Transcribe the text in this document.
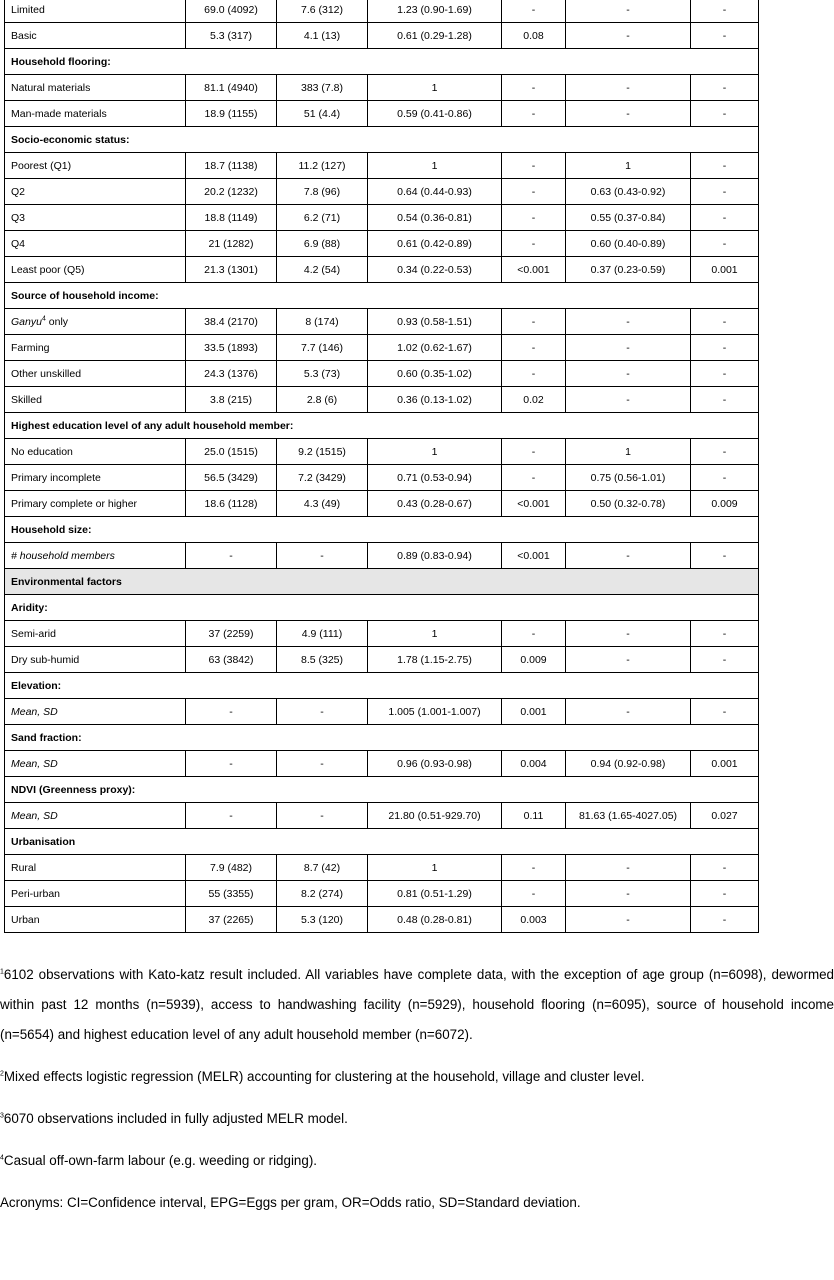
Limited	69.0 (4092)	7.6 (312)	1.23 (0.90-1.69)	-	-	-
Basic	5.3 (317)	4.1 (13)	0.61 (0.29-1.28)	0.08	-	-
Household flooring:						
Natural materials	81.1 (4940)	383 (7.8)	1	-	-	-
Man-made materials	18.9 (1155)	51 (4.4)	0.59 (0.41-0.86)	-	-	-
Socio-economic status:						
Poorest (Q1)	18.7 (1138)	11.2 (127)	1	-	1	-
Q2	20.2 (1232)	7.8 (96)	0.64 (0.44-0.93)	-	0.63 (0.43-0.92)	-
Q3	18.8 (1149)	6.2 (71)	0.54 (0.36-0.81)	-	0.55 (0.37-0.84)	-
Q4	21 (1282)	6.9 (88)	0.61 (0.42-0.89)	-	0.60 (0.40-0.89)	-
Least poor (Q5)	21.3 (1301)	4.2 (54)	0.34 (0.22-0.53)	<0.001	0.37 (0.23-0.59)	0.001
Source of household income:						
Ganyu$^4$ only	38.4 (2170)	8 (174)	0.93 (0.58-1.51)	-	-	-
Farming	33.5 (1893)	7.7 (146)	1.02 (0.62-1.67)	-	-	-
Other unskilled	24.3 (1376)	5.3 (73)	0.60 (0.35-1.02)	-	-	-
Skilled	3.8 (215)	2.8 (6)	0.36 (0.13-1.02)	0.02	-	-
Highest education level of any adult household member:						
No education	25.0 (1515)	9.2 (1515)	1	-	1	-
Primary incomplete	56.5 (3429)	7.2 (3429)	0.71 (0.53-0.94)	-	0.75 (0.56-1.01)	-
Primary complete or higher	18.6 (1128)	4.3 (49)	0.43 (0.28-0.67)	<0.001	0.50 (0.32-0.78)	0.009
Household size:						
# household members	-	-	0.89 (0.83-0.94)	<0.001	-	-
Environmental factors						
Aridity:						
Semi-arid	37 (2259)	4.9 (111)	1	-	-	-
Dry sub-humid	63 (3842)	8.5 (325)	1.78 (1.15-2.75)	0.009	-	-
Elevation:						
Mean, SD	-	-	1.005 (1.001-1.007)	0.001	-	-
Sand fraction:						
Mean, SD	-	-	0.96 (0.93-0.98)	0.004	0.94 (0.92-0.98)	0.001
NDVI (Greenness proxy):						
Mean, SD	-	-	21.80 (0.51-929.70)	0.11	81.63 (1.65-4027.05)	0.027
Urbanisation						
Rural	7.9 (482)	8.7 (42)	1	-	-	-
Peri-urban	55 (3355)	8.2 (274)	0.81 (0.51-1.29)	-	-	-
Urban	37 (2265)	5.3 (120)	0.48 (0.28-0.81)	0.003	-	-

$^1$6102 observations with Kato-katz result included. All variables have complete data, with the exception of age group (n=6098), dewormed within past 12 months (n=5939), access to handwashing facility (n=5929), household flooring (n=6095), source of household income (n=5654) and highest education level of any adult household member (n=6072).

$^2$Mixed effects logistic regression (MELR) accounting for clustering at the household, village and cluster level.

$^3$6070 observations included in fully adjusted MELR model.

$^4$Casual off-own-farm labour (e.g. weeding or ridging).

Acronyms: CI=Confidence interval, EPG=Eggs per gram, OR=Odds ratio, SD=Standard deviation.
